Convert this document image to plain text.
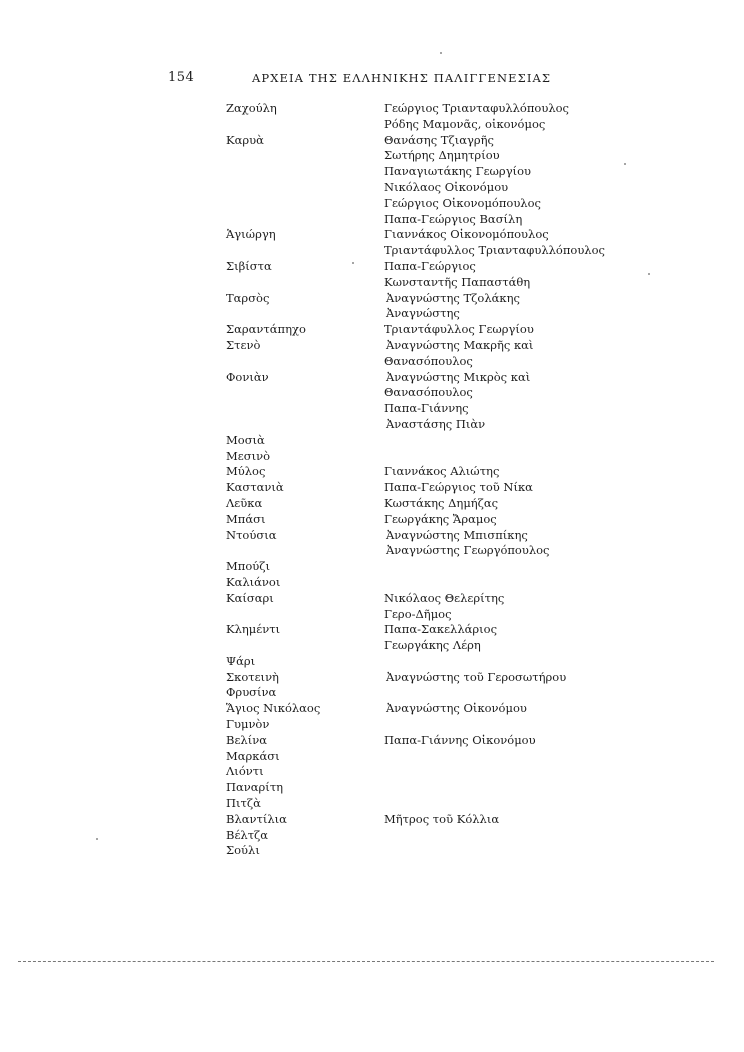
154	ΑΡΧΕΙΑ ΤΗΣ ΕΛΛΗΝΙΚΗΣ ΠΑΛΙΓΓΕΝΕΣΙΑΣ
Ζαχούλη
Καρυὰ
Ἁγιώργη
Σιβίστα
Ταρσὸς
Σαραντάπηχο
Στενὸ
Φονιὰν
Μοσιὰ
Μεσινὸ
Μύλος
Καστανιὰ
Λεῦκα
Μπάσι
Ντούσια
Μπούζι
Καλιάνοι
Καίσαρι
Κλημέντι
Ψάρι
Σκοτεινὴ
Φρυσίνα
Ἅγιος Νικόλαος
Γυμνὸν
Βελίνα
Μαρκάσι
Λιόντι
Παναρίτη
Πιτζὰ
Βλαντίλια
Βέλτζα
Σούλι
Γεώργιος Τριανταφυλλόπουλος
Ρόδης Μαμονᾶς, οἰκονόμος
Θανάσης Τζιαγρῆς
Σωτήρης Δημητρίου
Παναγιωτάκης Γεωργίου
Νικόλαος Οἰκονόμου
Γεώργιος Οἰκονομόπουλος
Παπα-Γεώργιος Βασίλη
Γιαννάκος Οἰκονομόπουλος
Τριαντάφυλλος Τριανταφυλλόπουλος
Παπα-Γεώργιος
Κωνσταντῆς Παπαστάθη
Ἀναγνώστης Τζολάκης
Ἀναγνώστης
Τριαντάφυλλος Γεωργίου
Ἀναγνώστης Μακρῆς καὶ
Θανασόπουλος
Ἀναγνώστης Μικρὸς καὶ
Θανασόπουλος
Παπα-Γιάννης
Ἀναστάσης Πιὰν
Γιαννάκος Αλιώτης
Παπα-Γεώργιος τοῦ Νίκα
Κωστάκης Δημήζας
Γεωργάκης Ἄραμος
Ἀναγνώστης Μπισπίκης
Ἀναγνώστης Γεωργόπουλος
Νικόλαος Θελερίτης
Γερο-Δῆμος
Παπα-Σακελλάριος
Γεωργάκης Λέρη
Ἀναγνώστης τοῦ Γεροσωτήρου
Ἀναγνώστης Οἰκονόμου
Παπα-Γιάννης Οἰκονόμου
Μῆτρος τοῦ Κόλλια
